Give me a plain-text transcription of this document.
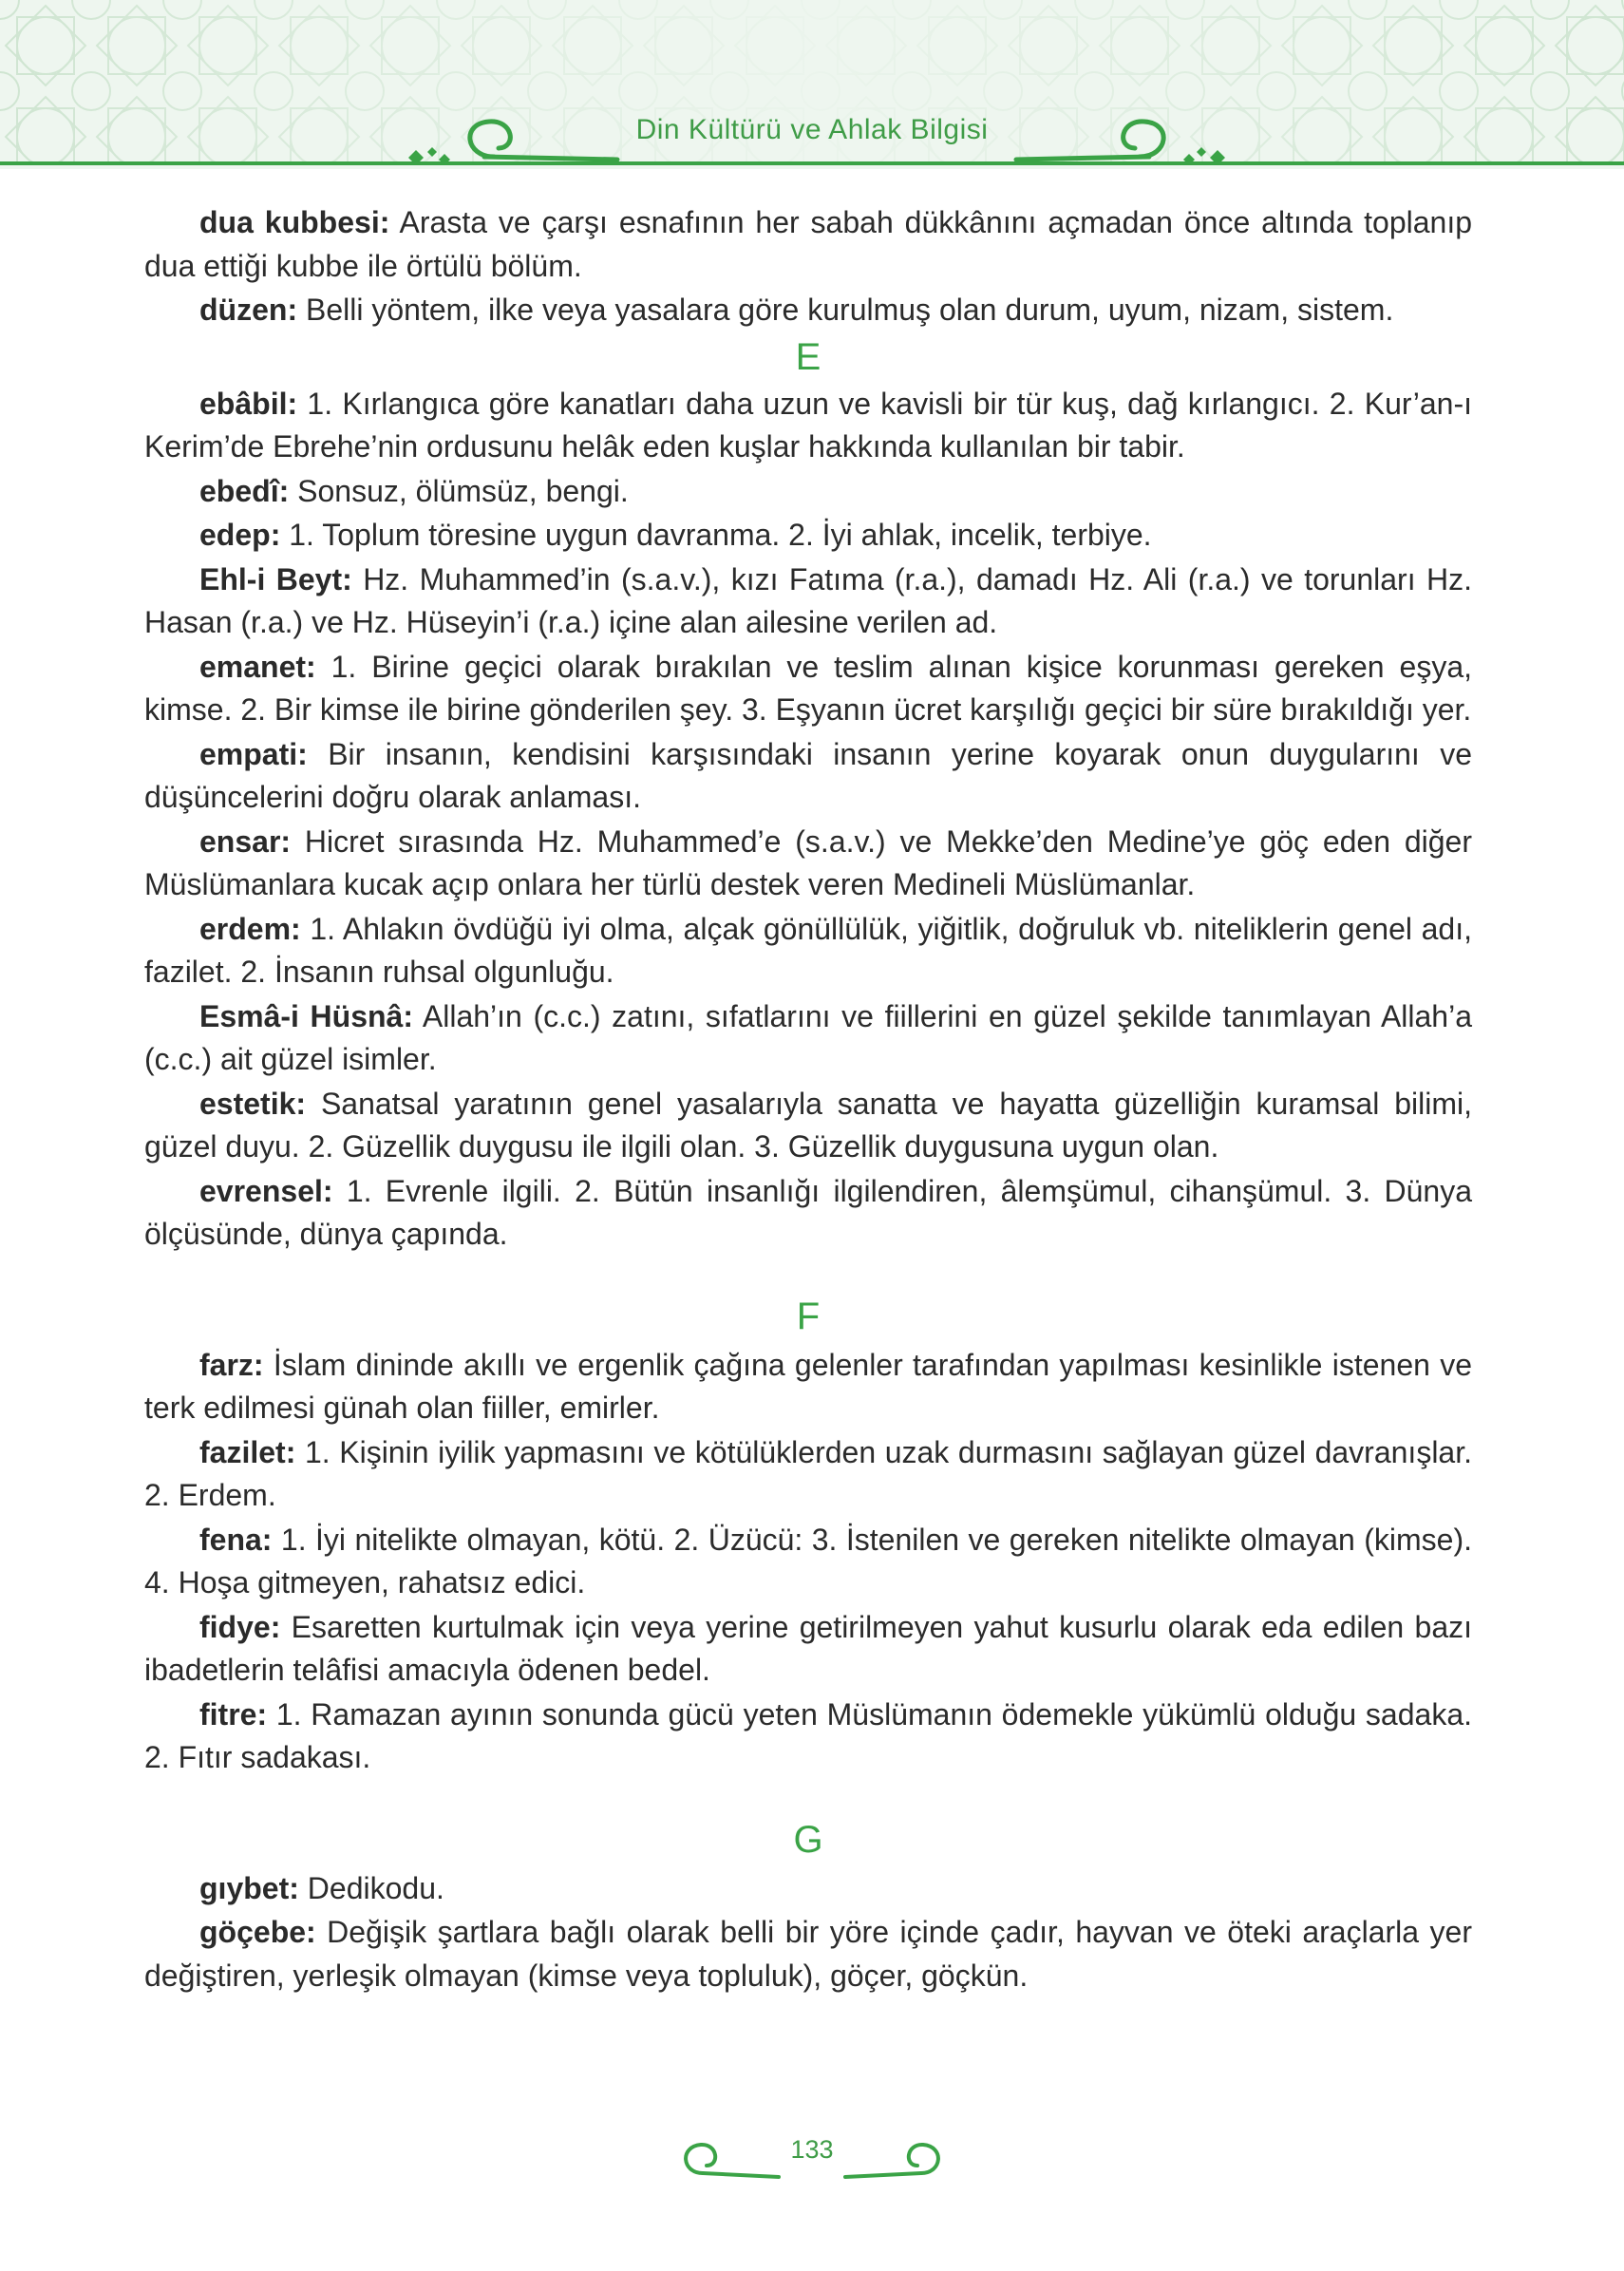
Din Kültürü ve Ahlak Bilgisi

dua kubbesi: Arasta ve çarşı esnafının her sabah dükkânını açmadan önce altında toplanıp dua ettiği kubbe ile örtülü bölüm.

düzen: Belli yöntem, ilke veya yasalara göre kurulmuş olan durum, uyum, nizam, sistem.

E

ebâbil: 1. Kırlangıca göre kanatları daha uzun ve kavisli bir tür kuş, dağ kırlangıcı. 2. Kur’an-ı Kerim’de Ebrehe’nin ordusunu helâk eden kuşlar hakkında kullanılan bir tabir.

ebedî: Sonsuz, ölümsüz, bengi.

edep: 1. Toplum töresine uygun davranma. 2. İyi ahlak, incelik, terbiye.

Ehl-i Beyt: Hz. Muhammed’in (s.a.v.), kızı Fatıma (r.a.), damadı Hz. Ali (r.a.) ve torunları Hz. Hasan (r.a.) ve Hz. Hüseyin’i (r.a.) içine alan ailesine verilen ad.

emanet: 1. Birine geçici olarak bırakılan ve teslim alınan kişice korunması gereken eşya, kimse. 2. Bir kimse ile birine gönderilen şey. 3. Eşyanın ücret karşılığı geçici bir süre bırakıldığı yer.

empati: Bir insanın, kendisini karşısındaki insanın yerine koyarak onun duygularını ve düşüncelerini doğru olarak anlaması.

ensar: Hicret sırasında Hz. Muhammed’e (s.a.v.) ve Mekke’den Medine’ye göç eden diğer Müslümanlara kucak açıp onlara her türlü destek veren Medineli Müslümanlar.

erdem: 1. Ahlakın övdüğü iyi olma, alçak gönüllülük, yiğitlik, doğruluk vb. niteliklerin genel adı, fazilet. 2. İnsanın ruhsal olgunluğu.

Esmâ-i Hüsnâ: Allah’ın (c.c.) zatını, sıfatlarını ve fiillerini en güzel şekilde tanımlayan Allah’a (c.c.) ait güzel isimler.

estetik: Sanatsal yaratının genel yasalarıyla sanatta ve hayatta güzelliğin kuramsal bilimi, güzel duyu. 2. Güzellik duygusu ile ilgili olan. 3. Güzellik duygusuna uygun olan.

evrensel: 1. Evrenle ilgili. 2. Bütün insanlığı ilgilendiren, âlemşümul, cihanşümul. 3. Dünya ölçüsünde, dünya çapında.

F

farz: İslam dininde akıllı ve ergenlik çağına gelenler tarafından yapılması kesinlikle istenen ve terk edilmesi günah olan fiiller, emirler.

fazilet: 1. Kişinin iyilik yapmasını ve kötülüklerden uzak durmasını sağlayan güzel davranışlar. 2. Erdem.

fena: 1. İyi nitelikte olmayan, kötü. 2. Üzücü: 3. İstenilen ve gereken nitelikte olmayan (kimse). 4. Hoşa gitmeyen, rahatsız edici.

fidye: Esaretten kurtulmak için veya yerine getirilmeyen yahut kusurlu olarak eda edilen bazı ibadetlerin telâfisi amacıyla ödenen bedel.

fitre: 1. Ramazan ayının sonunda gücü yeten Müslümanın ödemekle yükümlü olduğu sadaka. 2. Fıtır sadakası.

G

gıybet: Dedikodu.

göçebe: Değişik şartlara bağlı olarak belli bir yöre içinde çadır, hayvan ve öteki araçlarla yer değiştiren, yerleşik olmayan (kimse veya topluluk), göçer, göçkün.

133
